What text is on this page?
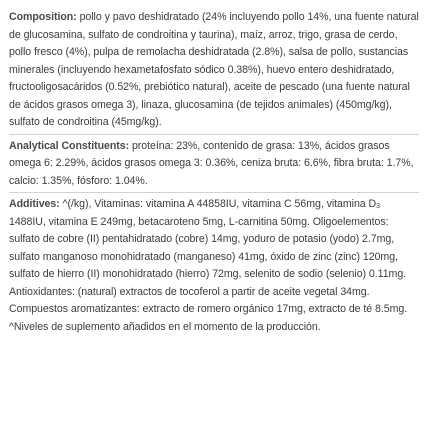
Composition: pollo y pavo deshidratado (24% incluyendo pollo 14%, una fuente natural de glucosamina, sulfato de condroitina y taurina), maíz, arroz, trigo, grasa de cerdo, pollo fresco (4%), pulpa de remolacha deshidratada (2.8%), salsa de pollo, sustancias minerales (incluyendo hexametafosfato sódico 0.38%), huevo entero deshidratado, fructooligosacáridos (0.52%, prebiótico natural), aceite de pescado (una fuente natural de ácidos grasos omega 3), linaza, glucosamina (de tejidos animales) (450mg/kg), sulfato de condroitina (45mg/kg).
Analytical Constituents: proteína: 23%, contenido de grasa: 13%, ácidos grasos omega 6: 2.29%, ácidos grasos omega 3: 0.36%, ceniza bruta: 6.6%, fibra bruta: 1.7%, calcio: 1.35%, fósforo: 1.04%.
Additives: ^(/kg), Vitaminas: vitamina A 44858IU, vitamina C 56mg, vitamina $D_3$ 1488IU, vitamina E 249mg, betacaroteno 5mg, L-carnitina 50mg. Oligoelementos: sulfato de cobre (II) pentahidratado (cobre) 14mg, yoduro de potasio (yodo) 2.7mg, sulfato manganoso monohidratado (manganeso) 41mg, óxido de zinc (zinc) 120mg, sulfato de hierro (II) monohidratado (hierro) 72mg, selenito de sodio (selenio) 0.11mg. Antioxidantes: (natural) extractos de tocoferol a partir de aceite vegetal 34mg. Compuestos aromatizantes: extracto de romero orgánico 17mg, extracto de té 8.5mg. ^Niveles de suplemento añadidos en el momento de la producción.
